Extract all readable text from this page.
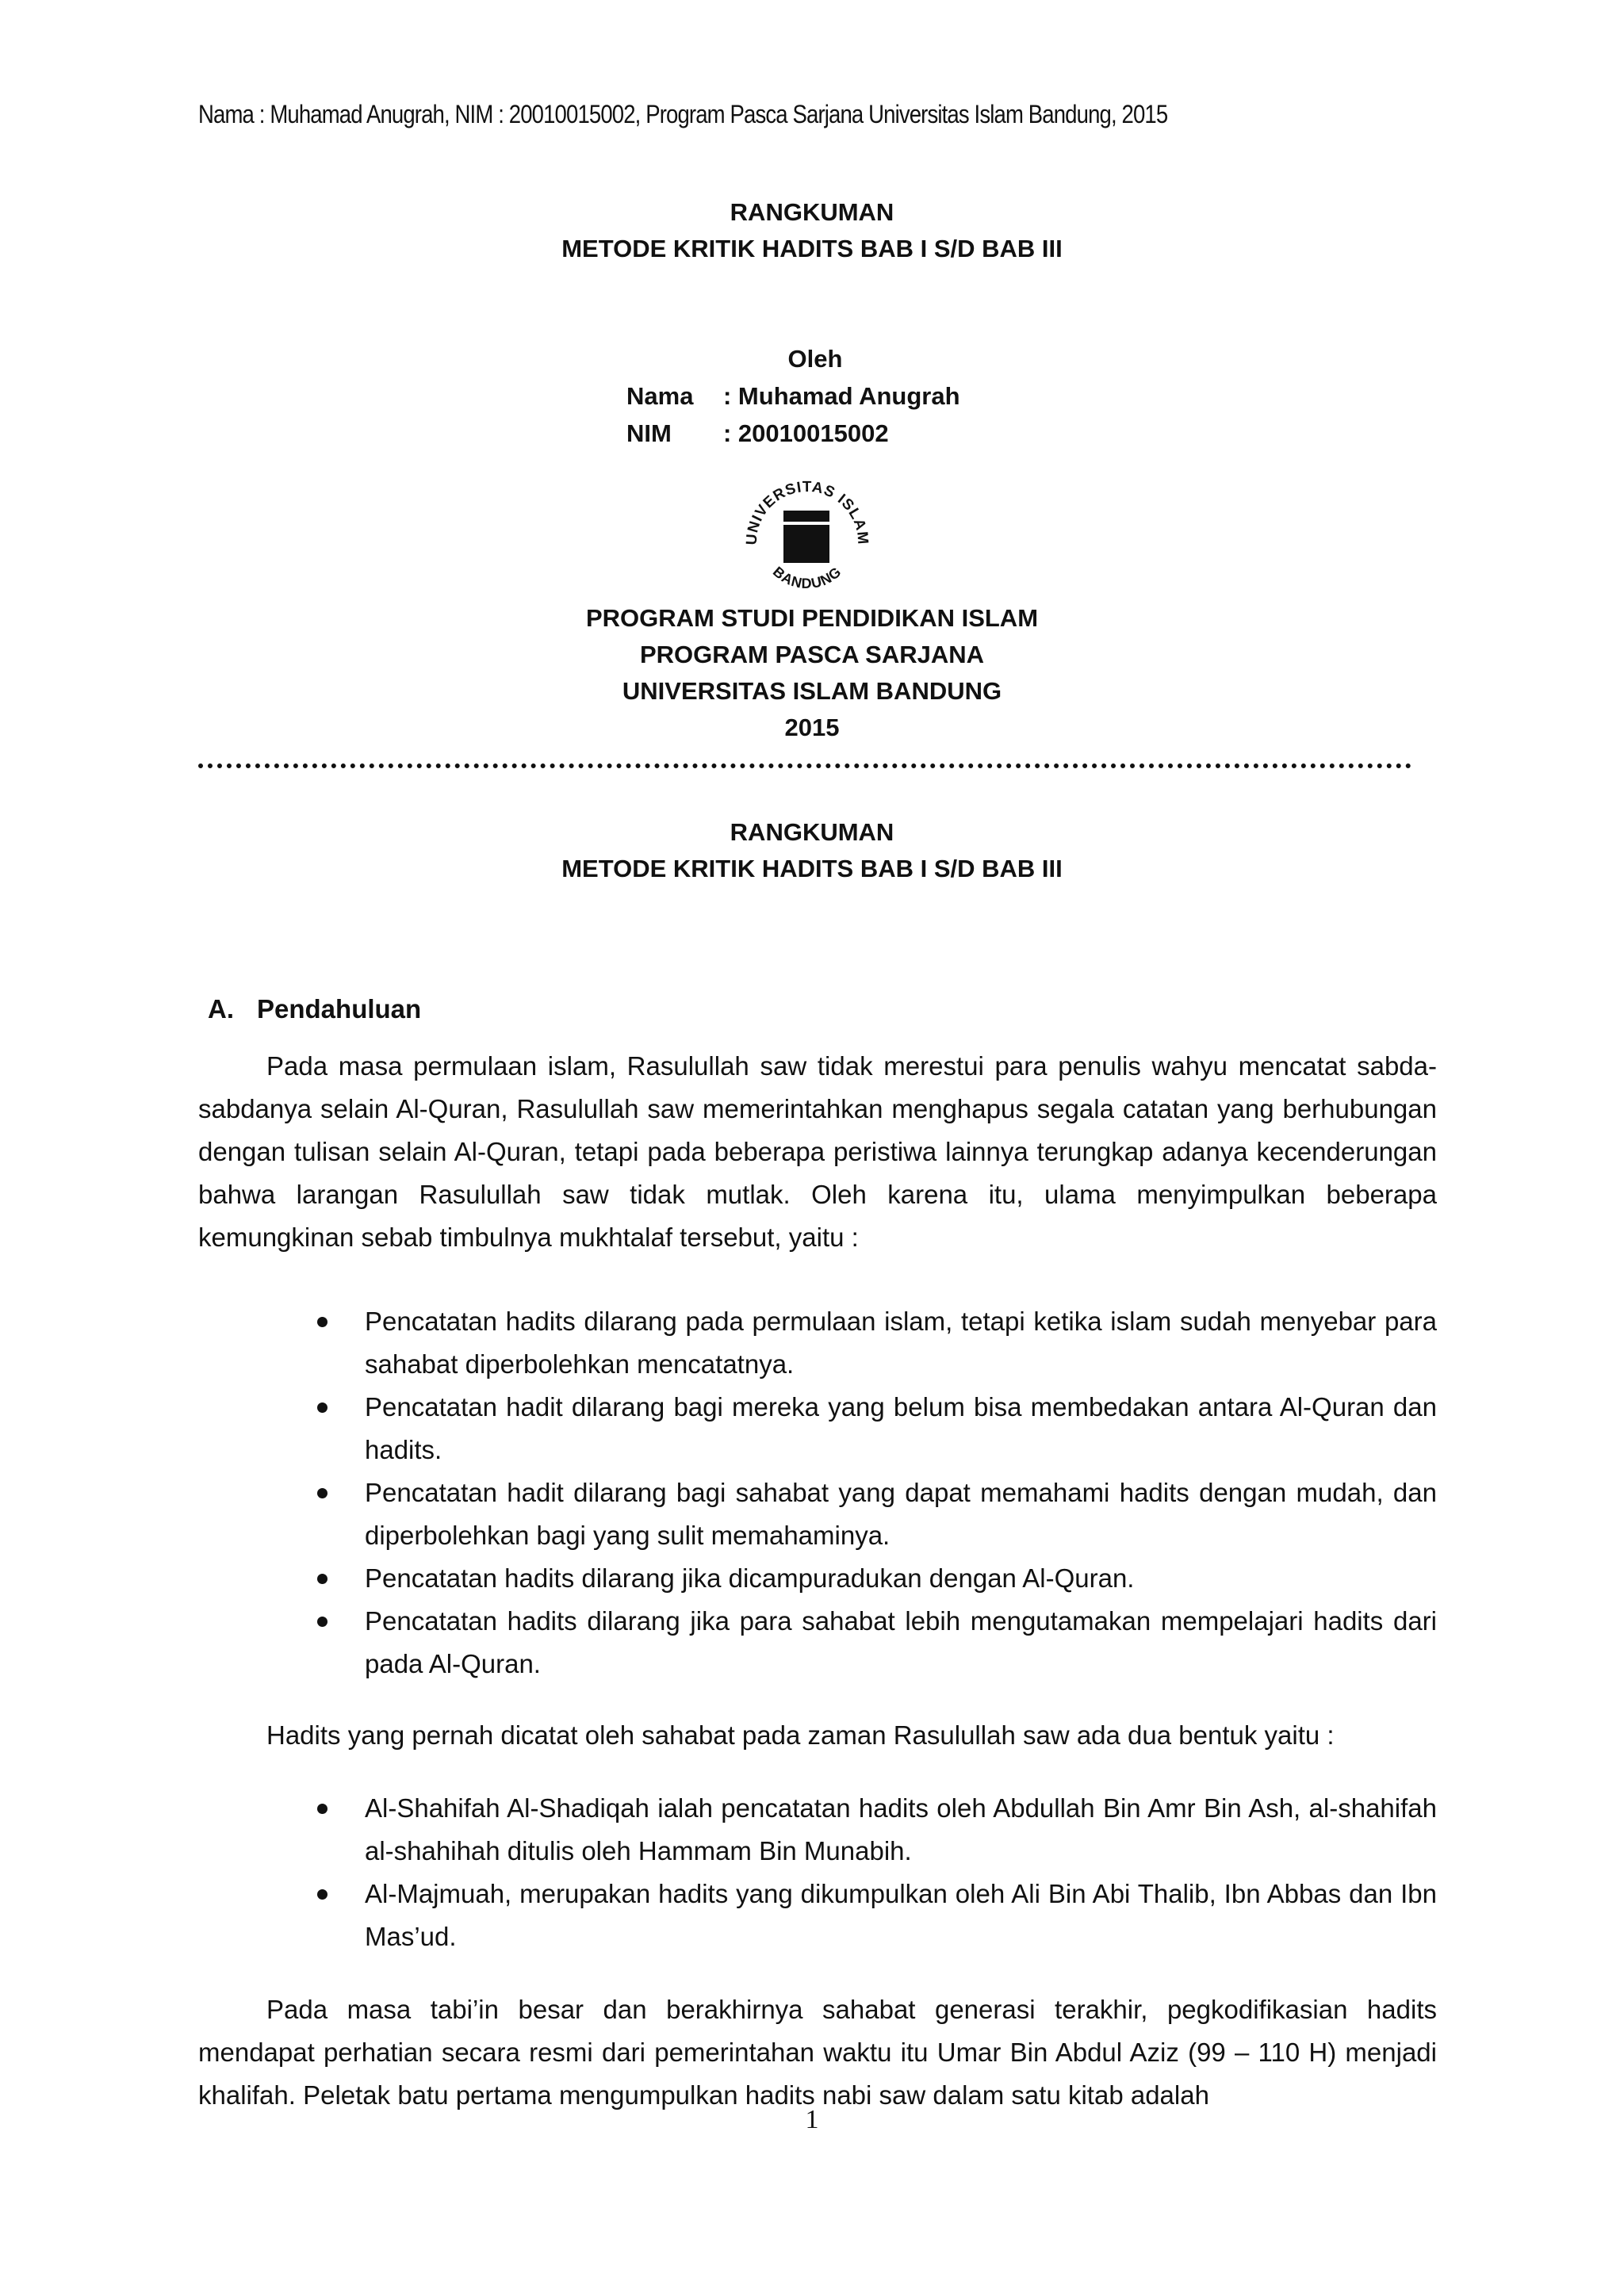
Nama : Muhamad Anugrah, NIM : 20010015002, Program Pasca Sarjana Universitas Islam Bandung, 2015
RANGKUMAN
METODE KRITIK HADITS BAB I S/D BAB III
Oleh
Nama	: Muhamad Anugrah
NIM	: 20010015002
UNIVERSITAS ISLAM
BANDUNG
PROGRAM STUDI PENDIDIKAN ISLAM
PROGRAM PASCA SARJANA
UNIVERSITAS ISLAM BANDUNG
2015
RANGKUMAN
METODE KRITIK HADITS BAB I S/D BAB III
A. Pendahuluan

Pada masa permulaan islam, Rasulullah saw tidak merestui para penulis wahyu mencatat sabda-sabdanya selain Al-Quran, Rasulullah saw memerintahkan menghapus segala catatan yang berhubungan dengan tulisan selain Al-Quran, tetapi pada beberapa peristiwa lainnya terungkap adanya kecenderungan bahwa larangan Rasulullah saw tidak mutlak. Oleh karena itu, ulama menyimpulkan beberapa kemungkinan sebab timbulnya mukhtalaf tersebut, yaitu :

Pencatatan hadits dilarang pada permulaan islam, tetapi ketika islam sudah menyebar para sahabat diperbolehkan mencatatnya.
Pencatatan hadit dilarang bagi mereka yang belum bisa membedakan antara Al-Quran dan hadits.
Pencatatan hadit dilarang bagi sahabat yang dapat memahami hadits dengan mudah, dan diperbolehkan bagi yang sulit memahaminya.
Pencatatan hadits dilarang jika dicampuradukan dengan Al-Quran.
Pencatatan hadits dilarang jika para sahabat lebih mengutamakan mempelajari hadits dari pada Al-Quran.

Hadits yang pernah dicatat oleh sahabat pada zaman Rasulullah saw ada dua bentuk yaitu :

Al-Shahifah Al-Shadiqah ialah pencatatan hadits oleh Abdullah Bin Amr Bin Ash, al-shahifah al-shahihah ditulis oleh Hammam Bin Munabih.
Al-Majmuah, merupakan hadits yang dikumpulkan oleh Ali Bin Abi Thalib, Ibn Abbas dan Ibn Mas’ud.

Pada masa tabi’in besar dan berakhirnya sahabat generasi terakhir, pegkodifikasian hadits mendapat perhatian secara resmi dari pemerintahan waktu itu Umar Bin Abdul Aziz (99 – 110 H) menjadi khalifah. Peletak batu pertama mengumpulkan hadits nabi saw dalam satu kitab adalah

1
